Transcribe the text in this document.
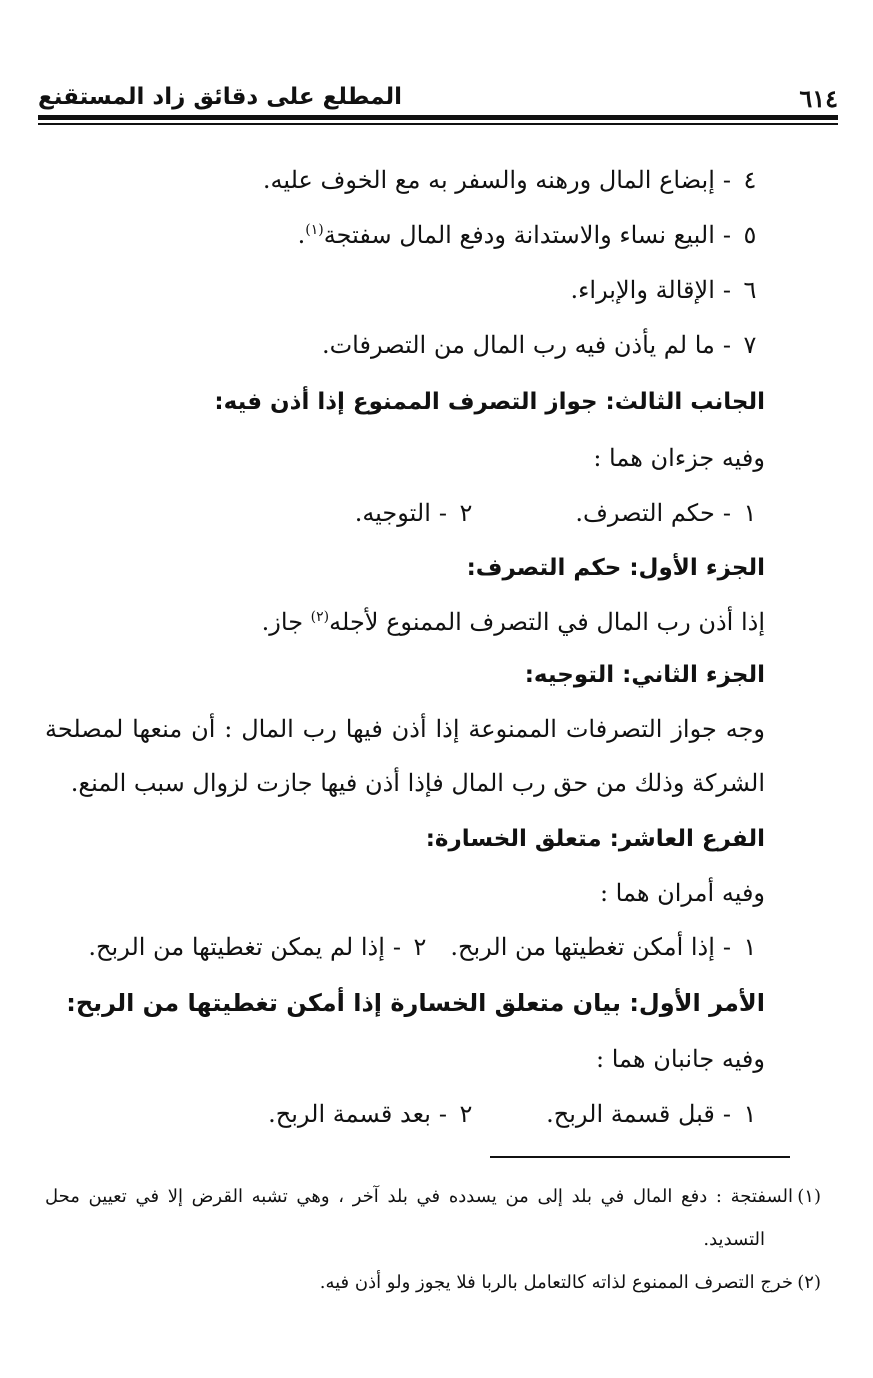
٦١٤
المطلع على دقائق زاد المستقنع
٤-إبضاع المال ورهنه والسفر به مع الخوف عليه.
٥-البيع نساء والاستدانة ودفع المال سفتجة$^{(١)}$.
٦-الإقالة والإبراء.
٧-ما لم يأذن فيه رب المال من التصرفات.
الجانب الثالث: جواز التصرف الممنوع إذا أذن فيه:
وفيه جزءان هما :
١-حكم التصرف.
٢-التوجيه.
الجزء الأول: حكم التصرف:
إذا أذن رب المال في التصرف الممنوع لأجله$^{(٢)}$ جاز.
الجزء الثاني: التوجيه:
وجه جواز التصرفات الممنوعة إذا أذن فيها رب المال : أن منعها لمصلحة
الشركة وذلك من حق رب المال فإذا أذن فيها جازت لزوال سبب المنع.
الفرع العاشر: متعلق الخسارة:
وفيه أمران هما :
١-إذا أمكن تغطيتها من الربح.
٢-إذا لم يمكن تغطيتها من الربح.
الأمر الأول: بيان متعلق الخسارة إذا أمكن تغطيتها من الربح:
وفيه جانبان هما :
١-قبل قسمة الربح.
٢-بعد قسمة الربح.
السفتجة : دفع المال في بلد إلى من يسدده في بلد آخر ، وهي تشبه القرض إلا في تعيين محل (١)
التسديد.
خرج التصرف الممنوع لذاته كالتعامل بالربا فلا يجوز ولو أذن فيه. (٢)
